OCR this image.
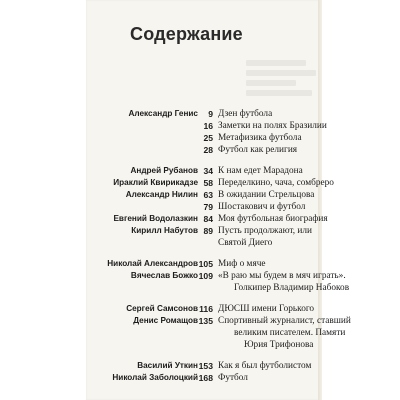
Содержание
Александр Генис 9 Дзен футбола
16 Заметки на полях Бразилии
25 Метафизика футбола
28 Футбол как религия
Андрей Рубанов 34 К нам едет Марадона
Ираклий Квирикадзе 58 Переделкино, чача, сомбреро
Александр Нилин 63 В ожидании Стрельцова
79 Шостакович и футбол
Евгений Водолазкин 84 Моя футбольная биография
Кирилл Набутов 89 Пусть продолжают, или
Святой Диего
Николай Александров 105 Миф о мяче
Вячеслав Божко 109 «В раю мы будем в мяч играть».
Голкипер Владимир Набоков
Сергей Самсонов 116 ДЮСШ имени Горького
Денис Ромащов 135 Спортивный журналист, ставший
великим писателем. Памяти
Юрия Трифонова
Василий Уткин 153 Как я был футболистом
Николай Заболоцкий 168 Футбол
